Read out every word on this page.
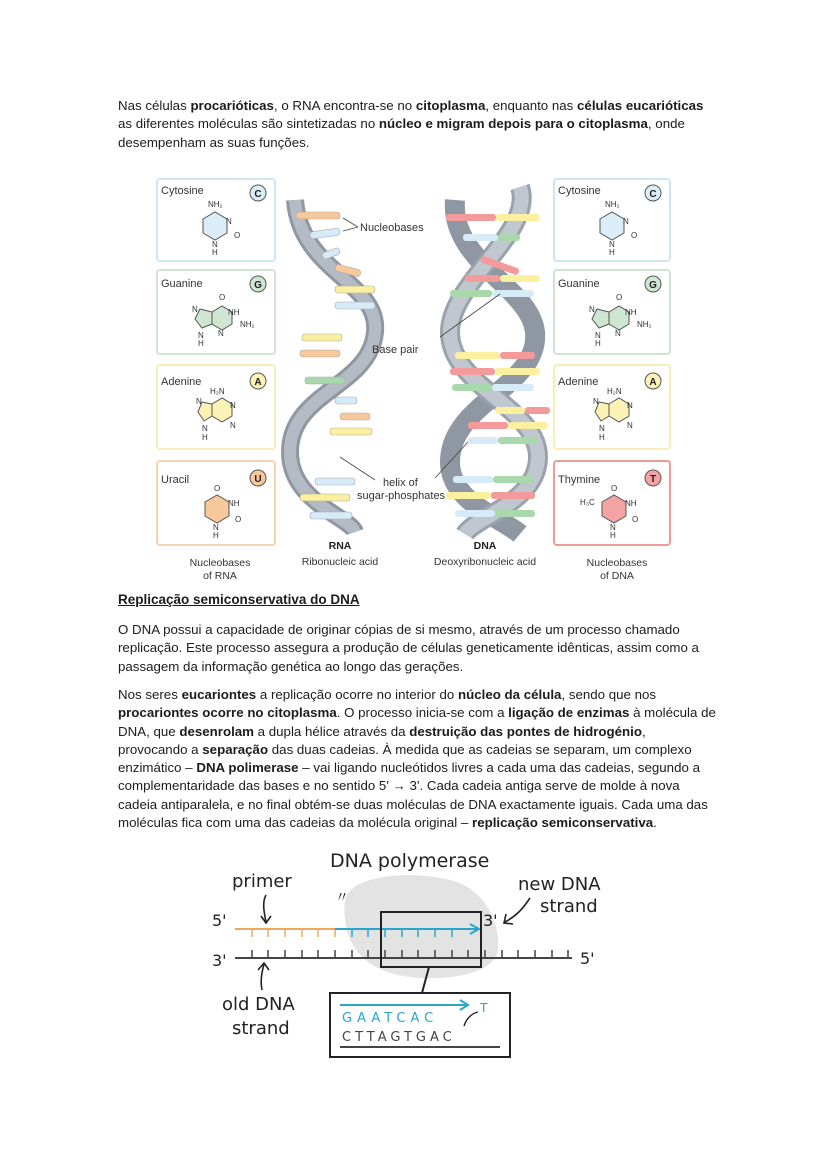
Nas células procarióticas, o RNA encontra-se no citoplasma, enquanto nas células eucarióticas as diferentes moléculas são sintetizadas no núcleo e migram depois para o citoplasma, onde desempenham as suas funções.
Cytosine	C
NH₂
N
O
N
H
Guanine	G
O
NH
NH₂
N
N
H
N
Adenine	A
H₂N
N
N
N
N
H
Uracil	U
O
NH
O
N
H
Nucleobases
of RNA
Cytosine	C
NH₂
N
O
N
H
Guanine	G
O
NH
NH₂
N
N
H
N
Adenine	A
H₂N
N
N
N
N
H
Thymine	T
O
NH
O
N
H
H₃C
Nucleobases
of DNA
Nucleobases
Base pair
helix of
sugar-phosphates
RNA
Ribonucleic acid
DNA
Deoxyribonucleic acid
Replicação semiconservativa do DNA
O DNA possui a capacidade de originar cópias de si mesmo, através de um processo chamado replicação. Este processo assegura a produção de células geneticamente idênticas, assim como a passagem da informação genética ao longo das gerações.
Nos seres eucariontes a replicação ocorre no interior do núcleo da célula, sendo que nos procariontes ocorre no citoplasma. O processo inicia-se com a ligação de enzimas à molécula de DNA, que desenrolam a dupla hélice através da destruição das pontes de hidrogénio, provocando a separação das duas cadeias. À medida que as cadeias se separam, um complexo enzimático – DNA polimerase – vai ligando nucleótidos livres a cada uma das cadeias, segundo a complementaridade das bases e no sentido 5' → 3'. Cada cadeia antiga serve de molde à nova cadeia antiparalela, e no final obtém-se duas moléculas de DNA exactamente iguais. Cada uma das moléculas fica com uma das cadeias da molécula original – replicação semiconservativa.
DNA polymerase
primer
〃
new DNA
strand
5'	3'
3'	5'
old DNA
strand	GAATCAC
T
CTTAGTGAC
